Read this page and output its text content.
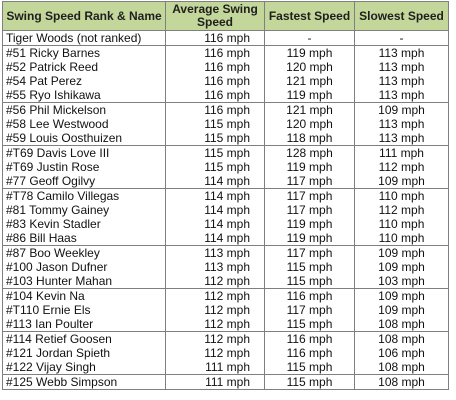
Swing Speed Rank & Name	Average Swing Speed	Fastest Speed	Slowest Speed
Tiger Woods (not ranked)	116 mph	-	-
#51 Ricky Barnes	116 mph	119 mph	113 mph
#52 Patrick Reed	116 mph	120 mph	113 mph
#54 Pat Perez	116 mph	121 mph	113 mph
#55 Ryo Ishikawa	116 mph	119 mph	113 mph
#56 Phil Mickelson	116 mph	121 mph	109 mph
#58 Lee Westwood	115 mph	120 mph	113 mph
#59 Louis Oosthuizen	115 mph	118 mph	113 mph
#T69 Davis Love III	115 mph	128 mph	111 mph
#T69 Justin Rose	115 mph	119 mph	112 mph
#77 Geoff Ogilvy	114 mph	117 mph	109 mph
#T78 Camilo Villegas	114 mph	117 mph	110 mph
#81 Tommy Gainey	114 mph	117 mph	112 mph
#83 Kevin Stadler	114 mph	119 mph	110 mph
#86 Bill Haas	114 mph	119 mph	110 mph
#87 Boo Weekley	113 mph	117 mph	109 mph
#100 Jason Dufner	113 mph	115 mph	109 mph
#103 Hunter Mahan	112 mph	115 mph	103 mph
#104 Kevin Na	112 mph	116 mph	109 mph
#T110 Ernie Els	112 mph	117 mph	109 mph
#113 Ian Poulter	112 mph	115 mph	108 mph
#114 Retief Goosen	112 mph	116 mph	108 mph
#121 Jordan Spieth	112 mph	116 mph	106 mph
#122 Vijay Singh	111 mph	115 mph	108 mph
#125 Webb Simpson	111 mph	115 mph	108 mph
